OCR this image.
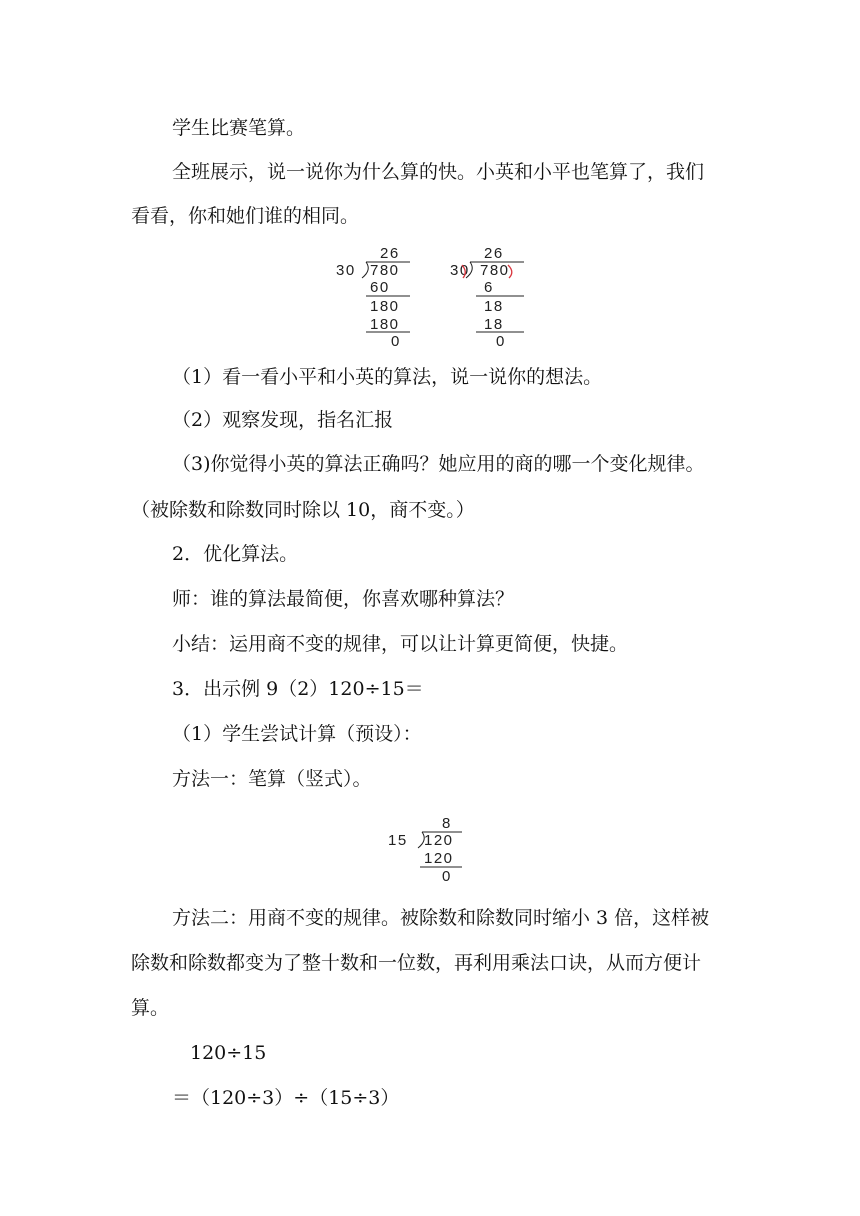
学生比赛笔算。
全班展示，说一说你为什么算的快。小英和小平也笔算了，我们
看看，你和她们谁的相同。
26
30 780
60
180
180
0
26
30 780
6
18
18
0
（1）看一看小平和小英的算法，说一说你的想法。
（2）观察发现，指名汇报
（3)你觉得小英的算法正确吗？她应用的商的哪一个变化规律。
（被除数和除数同时除以 10，商不变。）
2．优化算法。
师：谁的算法最简便，你喜欢哪种算法？
小结：运用商不变的规律，可以让计算更简便，快捷。
3．出示例 9（2）120÷15＝
（1）学生尝试计算（预设）：
方法一：笔算（竖式）。
8
15 120
120
0
方法二：用商不变的规律。被除数和除数同时缩小 3 倍，这样被
除数和除数都变为了整十数和一位数，再利用乘法口诀，从而方便计
算。
120÷15
＝（120÷3）÷（15÷3）
